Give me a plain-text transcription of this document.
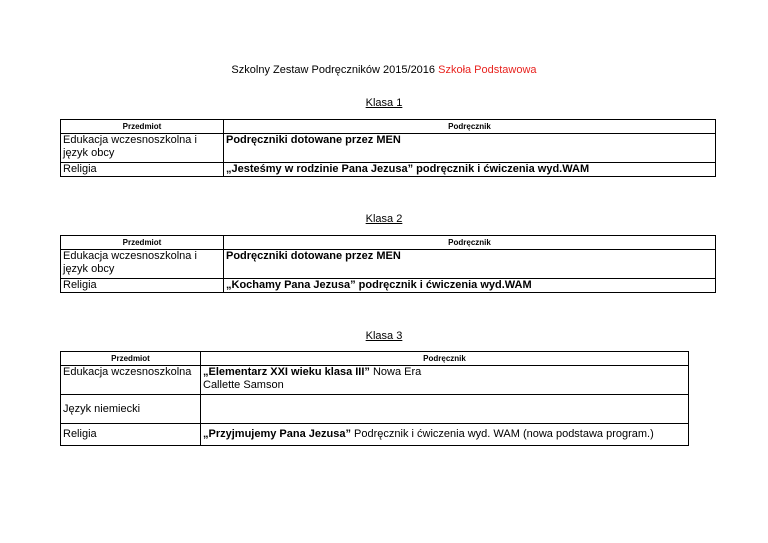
Szkolny Zestaw Podręczników 2015/2016 Szkoła Podstawowa
Klasa 1
Przedmiot	Podręcznik
Edukacja wczesnoszkolna i język obcy	Podręczniki dotowane przez MEN
Religia	„Jesteśmy w rodzinie Pana Jezusa” podręcznik i ćwiczenia wyd.WAM
Klasa 2
Przedmiot	Podręcznik
Edukacja wczesnoszkolna i język obcy	Podręczniki dotowane przez MEN
Religia	„Kochamy Pana Jezusa” podręcznik i ćwiczenia wyd.WAM
Klasa 3
Przedmiot	Podręcznik
Edukacja wczesnoszkolna	„Elementarz XXI wieku klasa III” Nowa Era
Callette Samson
Język niemiecki	
Religia	„Przyjmujemy Pana Jezusa” Podręcznik i ćwiczenia wyd. WAM (nowa podstawa program.)
